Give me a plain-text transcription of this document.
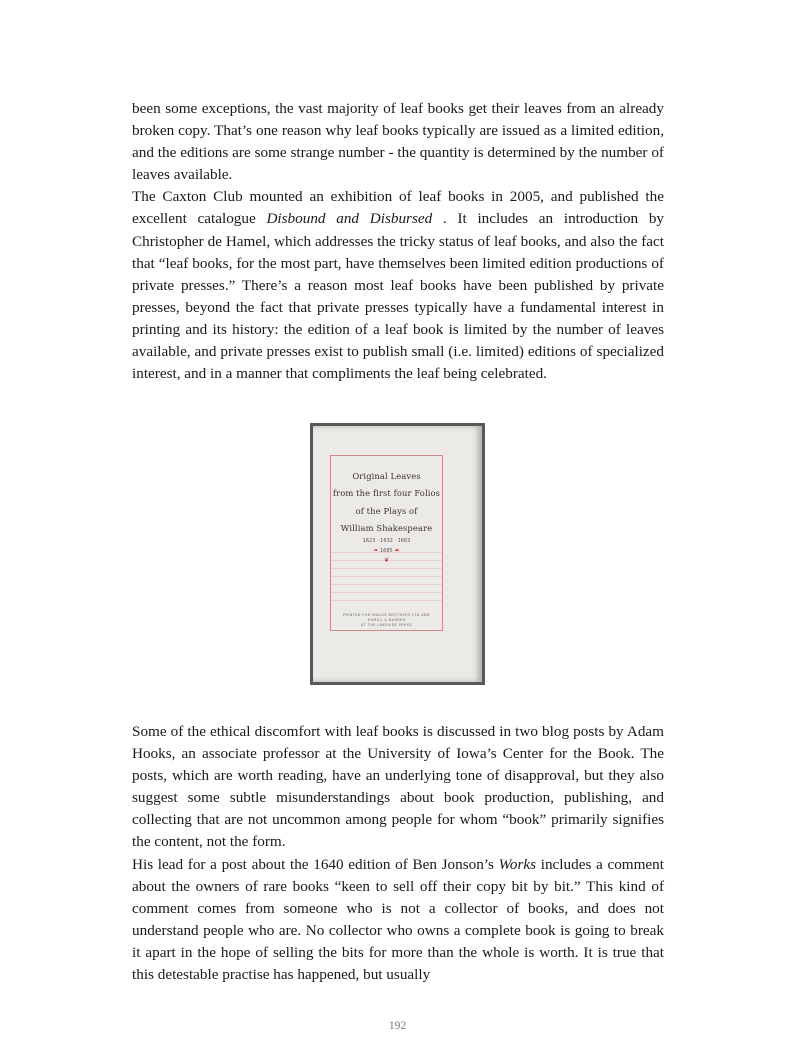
been some exceptions, the vast majority of leaf books get their leaves from an already broken copy. That’s one reason why leaf books typically are issued as a limited edition, and the editions are some strange number - the quantity is determined by the number of leaves available.

The Caxton Club mounted an exhibition of leaf books in 2005, and published the excellent catalogue Disbound and Disbursed . It includes an introduction by Christopher de Hamel, which addresses the tricky status of leaf books, and also the fact that “leaf books, for the most part, have themselves been limited edition productions of private presses.” There’s a reason most leaf books have been published by private presses, beyond the fact that private presses typically have a fundamental interest in printing and its history: the edition of a leaf book is limited by the number of leaves available, and private presses exist to publish small (i.e. limited) editions of specialized interest, and in a manner that compliments the leaf being celebrated.

Original Leaves
from the first four Folios
of the Plays of
William Shakespeare
1623 · 1632 · 1663
❧ 1685 ☙
❦
PRINTED FOR MAGGS BROTHERS LTD AND HAMILL & BARKER
AT THE LAKESIDE PRESS

Some of the ethical discomfort with leaf books is discussed in two blog posts by Adam Hooks, an associate professor at the University of Iowa’s Center for the Book. The posts, which are worth reading, have an underlying tone of disapproval, but they also suggest some subtle misunderstandings about book production, publishing, and collecting that are not uncommon among people for whom “book” primarily signifies the content, not the form.

His lead for a post about the 1640 edition of Ben Jonson’s Works includes a comment about the owners of rare books “keen to sell off their copy bit by bit.” This kind of comment comes from someone who is not a collector of books, and does not understand people who are. No collector who owns a complete book is going to break it apart in the hope of selling the bits for more than the whole is worth. It is true that this detestable practise has happened, but usually

192
